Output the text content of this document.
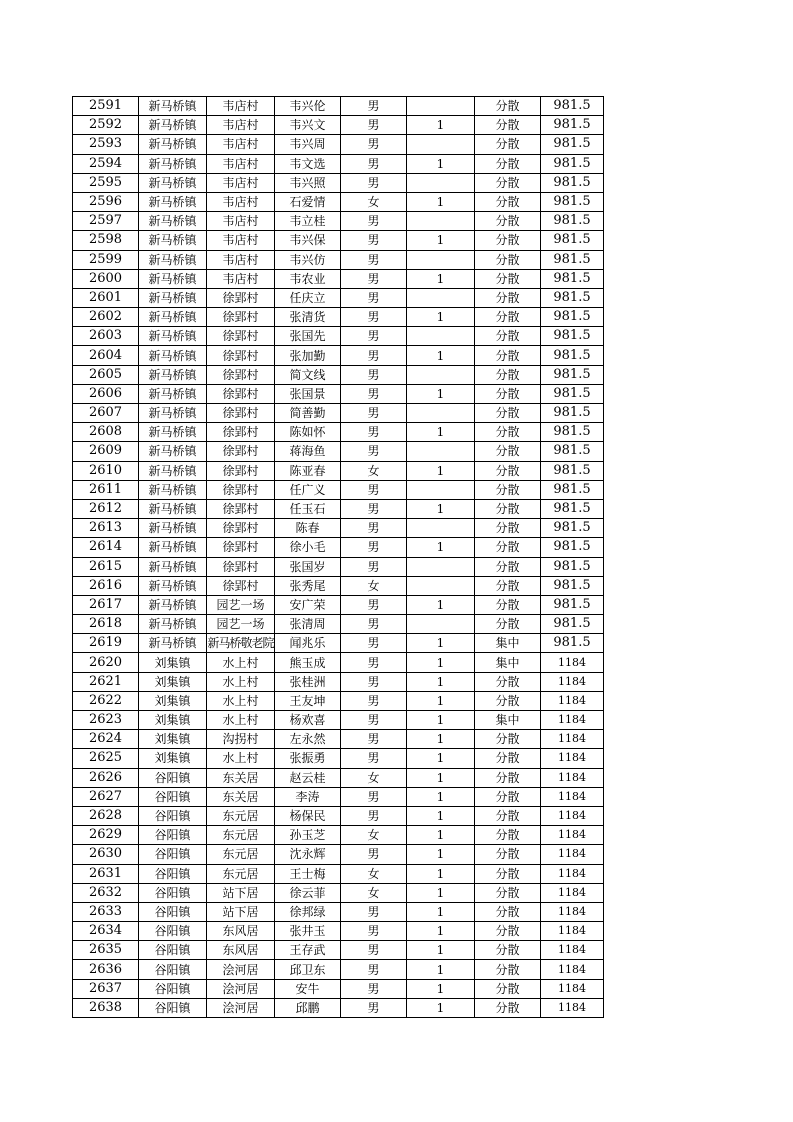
2591	新马桥镇	韦店村	韦兴伦	男		分散	981.5
2592	新马桥镇	韦店村	韦兴文	男	1	分散	981.5
2593	新马桥镇	韦店村	韦兴周	男		分散	981.5
2594	新马桥镇	韦店村	韦文选	男	1	分散	981.5
2595	新马桥镇	韦店村	韦兴照	男		分散	981.5
2596	新马桥镇	韦店村	石爱情	女	1	分散	981.5
2597	新马桥镇	韦店村	韦立桂	男		分散	981.5
2598	新马桥镇	韦店村	韦兴保	男	1	分散	981.5
2599	新马桥镇	韦店村	韦兴仿	男		分散	981.5
2600	新马桥镇	韦店村	韦农业	男	1	分散	981.5
2601	新马桥镇	徐郢村	任庆立	男		分散	981.5
2602	新马桥镇	徐郢村	张清货	男	1	分散	981.5
2603	新马桥镇	徐郢村	张国先	男		分散	981.5
2604	新马桥镇	徐郢村	张加勤	男	1	分散	981.5
2605	新马桥镇	徐郢村	简文线	男		分散	981.5
2606	新马桥镇	徐郢村	张国景	男	1	分散	981.5
2607	新马桥镇	徐郢村	简善勤	男		分散	981.5
2608	新马桥镇	徐郢村	陈如怀	男	1	分散	981.5
2609	新马桥镇	徐郢村	蒋海鱼	男		分散	981.5
2610	新马桥镇	徐郢村	陈亚春	女	1	分散	981.5
2611	新马桥镇	徐郢村	任广义	男		分散	981.5
2612	新马桥镇	徐郢村	任玉石	男	1	分散	981.5
2613	新马桥镇	徐郢村	陈春	男		分散	981.5
2614	新马桥镇	徐郢村	徐小毛	男	1	分散	981.5
2615	新马桥镇	徐郢村	张国岁	男		分散	981.5
2616	新马桥镇	徐郢村	张秀尾	女		分散	981.5
2617	新马桥镇	园艺一场	安广荣	男	1	分散	981.5
2618	新马桥镇	园艺一场	张清周	男		分散	981.5
2619	新马桥镇	新马桥敬老院	闻兆乐	男	1	集中	981.5
2620	刘集镇	水上村	熊玉成	男	1	集中	1184
2621	刘集镇	水上村	张桂洲	男	1	分散	1184
2622	刘集镇	水上村	王友坤	男	1	分散	1184
2623	刘集镇	水上村	杨欢喜	男	1	集中	1184
2624	刘集镇	沟拐村	左永然	男	1	分散	1184
2625	刘集镇	水上村	张振勇	男	1	分散	1184
2626	谷阳镇	东关居	赵云桂	女	1	分散	1184
2627	谷阳镇	东关居	李涛	男	1	分散	1184
2628	谷阳镇	东元居	杨保民	男	1	分散	1184
2629	谷阳镇	东元居	孙玉芝	女	1	分散	1184
2630	谷阳镇	东元居	沈永辉	男	1	分散	1184
2631	谷阳镇	东元居	王士梅	女	1	分散	1184
2632	谷阳镇	站下居	徐云菲	女	1	分散	1184
2633	谷阳镇	站下居	徐邦绿	男	1	分散	1184
2634	谷阳镇	东风居	张井玉	男	1	分散	1184
2635	谷阳镇	东风居	王存武	男	1	分散	1184
2636	谷阳镇	浍河居	邱卫东	男	1	分散	1184
2637	谷阳镇	浍河居	安牛	男	1	分散	1184
2638	谷阳镇	浍河居	邱鹏	男	1	分散	1184
